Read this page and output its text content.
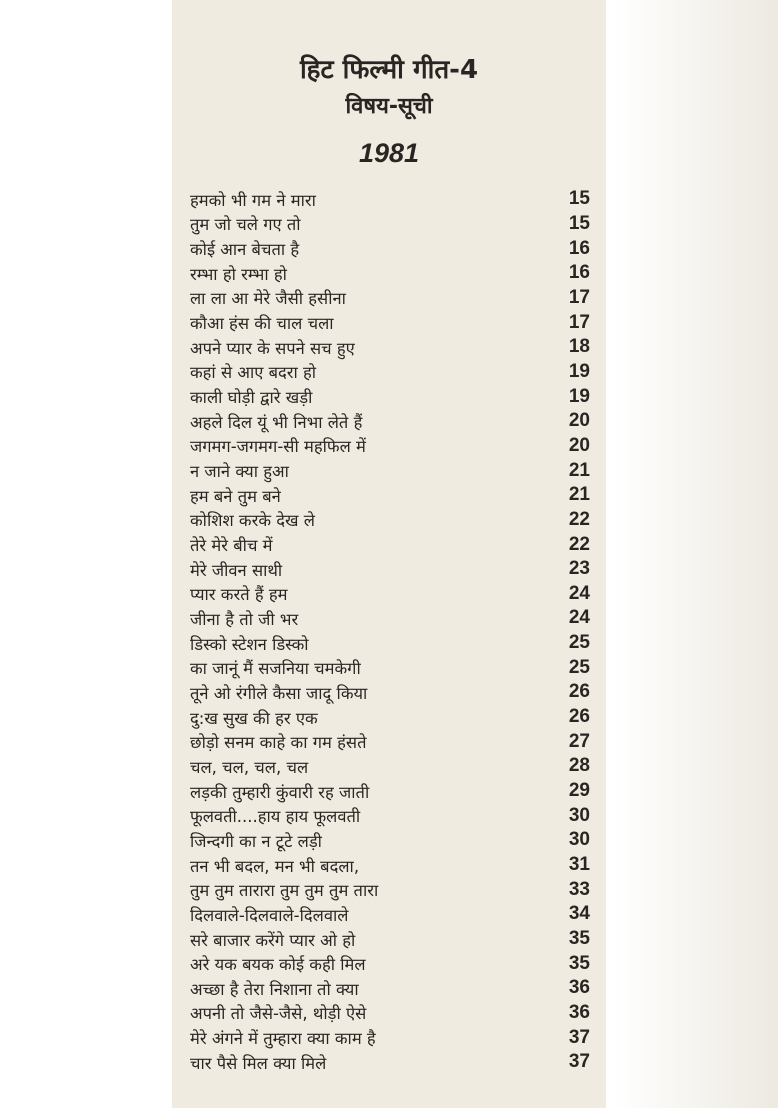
हिट फिल्मी गीत-4
विषय-सूची
1981
हमको भी गम ने मारा	15
तुम जो चले गए तो	15
कोई आन बेचता है	16
रम्भा हो रम्भा हो	16
ला ला आ मेरे जैसी हसीना	17
कौआ हंस की चाल चला	17
अपने प्यार के सपने सच हुए	18
कहां से आए बदरा हो	19
काली घोड़ी द्वारे खड़ी	19
अहले दिल यूं भी निभा लेते हैं	20
जगमग-जगमग-सी महफिल में	20
न जाने क्या हुआ	21
हम बने तुम बने	21
कोशिश करके देख ले	22
तेरे मेरे बीच में	22
मेरे जीवन साथी	23
प्यार करते हैं हम	24
जीना है तो जी भर	24
डिस्को स्टेशन डिस्को	25
का जानूं मैं सजनिया चमकेगी	25
तूने ओ रंगीले कैसा जादू किया	26
दु:ख सुख की हर एक	26
छोड़ो सनम काहे का गम हंसते	27
चल, चल, चल, चल	28
लड़की तुम्हारी कुंवारी रह जाती	29
फूलवती....हाय हाय फूलवती	30
जिन्दगी का न टूटे लड़ी	30
तन भी बदल, मन भी बदला,	31
तुम तुम तारारा तुम तुम तुम तारा	33
दिलवाले-दिलवाले-दिलवाले	34
सरे बाजार करेंगे प्यार ओ हो	35
अरे यक बयक कोई कही मिल	35
अच्छा है तेरा निशाना तो क्या	36
अपनी तो जैसे-जैसे, थोड़ी ऐसे	36
मेरे अंगने में तुम्हारा क्या काम है	37
चार पैसे मिल क्या मिले	37
